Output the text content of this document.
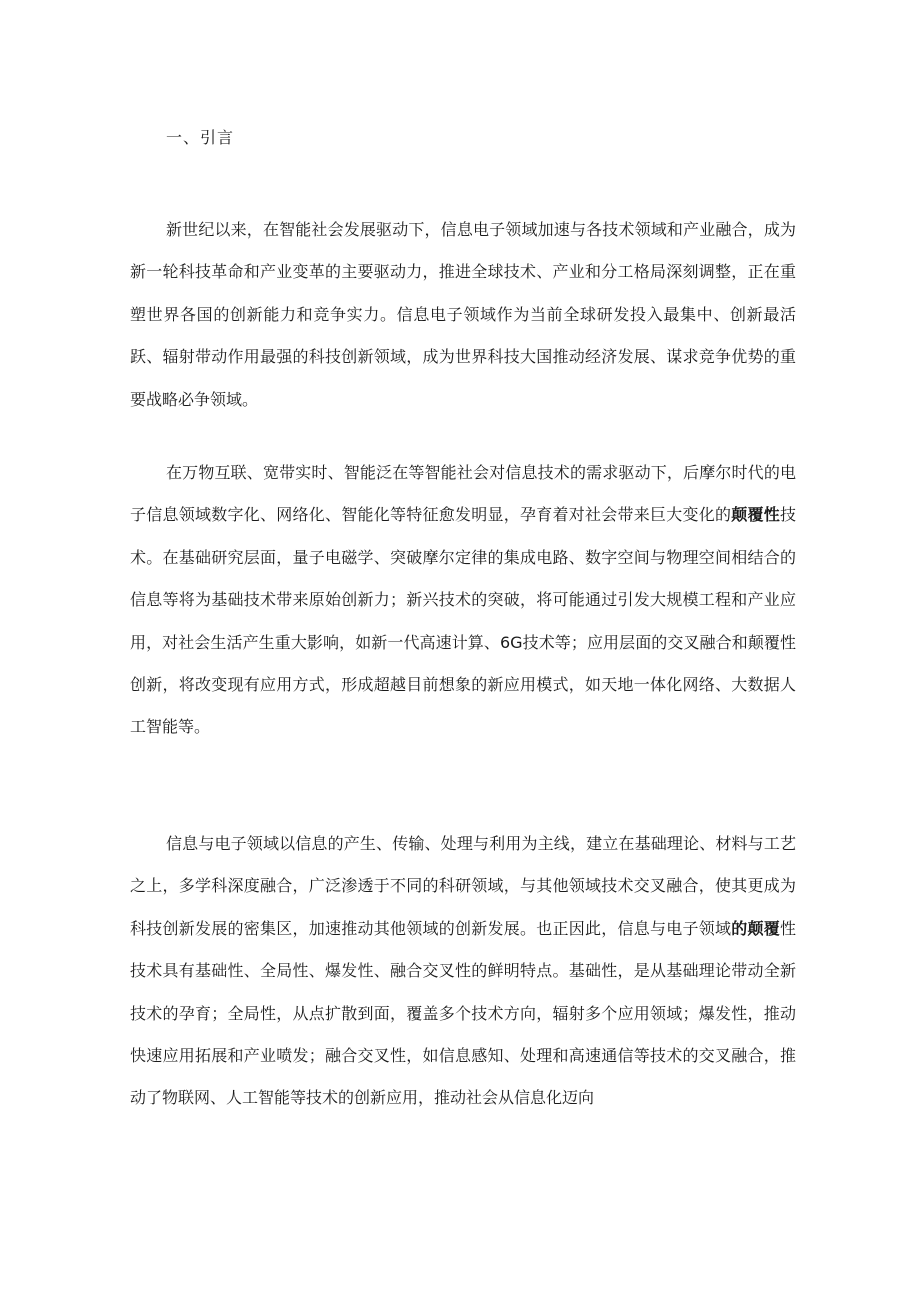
一、引言

新世纪以来，在智能社会发展驱动下，信息电子领域加速与各技术领域和产业融合，成为新一轮科技革命和产业变革的主要驱动力，推进全球技术、产业和分工格局深刻调整，正在重塑世界各国的创新能力和竞争实力。信息电子领域作为当前全球研发投入最集中、创新最活跃、辐射带动作用最强的科技创新领域，成为世界科技大国推动经济发展、谋求竞争优势的重要战略必争领域。

在万物互联、宽带实时、智能泛在等智能社会对信息技术的需求驱动下，后摩尔时代的电子信息领域数字化、网络化、智能化等特征愈发明显，孕育着对社会带来巨大变化的颠覆性技术。在基础研究层面，量子电磁学、突破摩尔定律的集成电路、数字空间与物理空间相结合的信息等将为基础技术带来原始创新力；新兴技术的突破，将可能通过引发大规模工程和产业应用，对社会生活产生重大影响，如新一代高速计算、6G技术等；应用层面的交叉融合和颠覆性创新，将改变现有应用方式，形成超越目前想象的新应用模式，如天地一体化网络、大数据人工智能等。

信息与电子领域以信息的产生、传输、处理与利用为主线，建立在基础理论、材料与工艺之上，多学科深度融合，广泛渗透于不同的科研领域，与其他领域技术交叉融合，使其更成为科技创新发展的密集区，加速推动其他领域的创新发展。也正因此，信息与电子领域的颠覆性技术具有基础性、全局性、爆发性、融合交叉性的鲜明特点。基础性，是从基础理论带动全新技术的孕育；全局性，从点扩散到面，覆盖多个技术方向，辐射多个应用领域；爆发性，推动快速应用拓展和产业喷发；融合交叉性，如信息感知、处理和高速通信等技术的交叉融合，推动了物联网、人工智能等技术的创新应用，推动社会从信息化迈向
